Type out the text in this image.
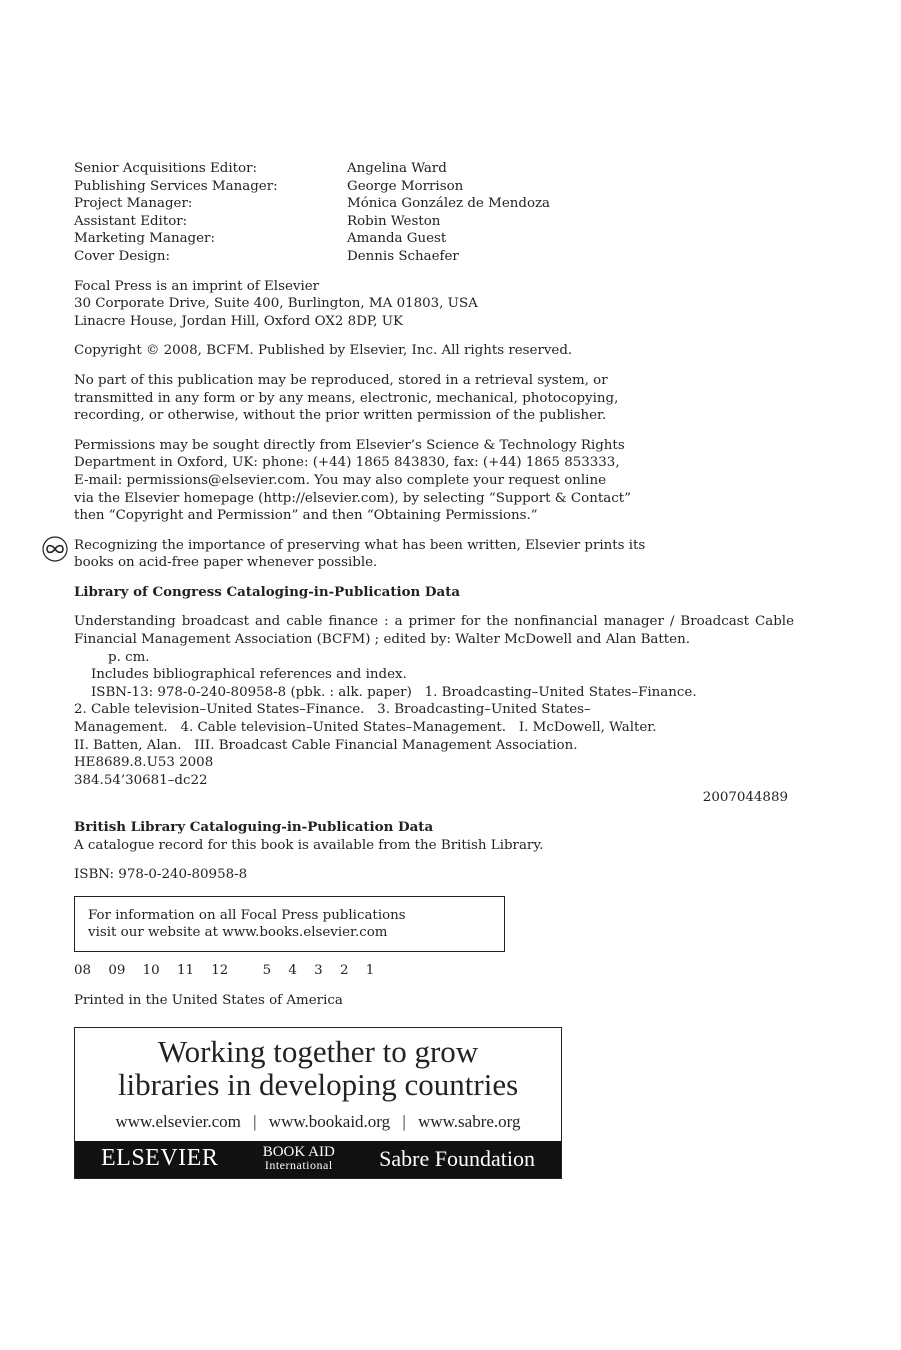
Senior Acquisitions Editor:	Angelina Ward
Publishing Services Manager:	George Morrison
Project Manager:	Mónica González de Mendoza
Assistant Editor:	Robin Weston
Marketing Manager:	Amanda Guest
Cover Design:	Dennis Schaefer

Focal Press is an imprint of Elsevier

30 Corporate Drive, Suite 400, Burlington, MA 01803, USA

Linacre House, Jordan Hill, Oxford OX2 8DP, UK

Copyright © 2008, BCFM. Published by Elsevier, Inc. All rights reserved.

No part of this publication may be reproduced, stored in a retrieval system, or

transmitted in any form or by any means, electronic, mechanical, photocopying,

recording, or otherwise, without the prior written permission of the publisher.

Permissions may be sought directly from Elsevier’s Science & Technology Rights

Department in Oxford, UK: phone: (+44) 1865 843830, fax: (+44) 1865 853333,

E-mail: permissions@elsevier.com. You may also complete your request online

via the Elsevier homepage (http://elsevier.com), by selecting “Support & Contact”

then “Copyright and Permission” and then “Obtaining Permissions.”

Recognizing the importance of preserving what has been written, Elsevier prints its

books on acid-free paper whenever possible.

Library of Congress Cataloging-in-Publication Data

Understanding broadcast and cable finance : a primer for the nonfinancial manager / Broadcast Cable Financial Management Association (BCFM) ; edited by: Walter McDowell and Alan Batten.

p. cm.

Includes bibliographical references and index.

ISBN-13: 978-0-240-80958-8 (pbk. : alk. paper)   1. Broadcasting–United States–Finance.

2. Cable television–United States–Finance.   3. Broadcasting–United States–

Management.   4. Cable television–United States–Management.   I. McDowell, Walter.

II. Batten, Alan.   III. Broadcast Cable Financial Management Association.

HE8689.8.U53 2008

384.54’30681–dc22

2007044889

British Library Cataloguing-in-Publication Data

A catalogue record for this book is available from the British Library.

ISBN: 978-0-240-80958-8

For information on all Focal Press publications

visit our website at www.books.elsevier.com

08 09 10 11 12	5 4 3 2 1

Printed in the United States of America

Working together to grow
libraries in developing countries
www.elsevier.com | www.bookaid.org | www.sabre.org
ELSEVIER	BOOK AID
International Sabre Foundation
